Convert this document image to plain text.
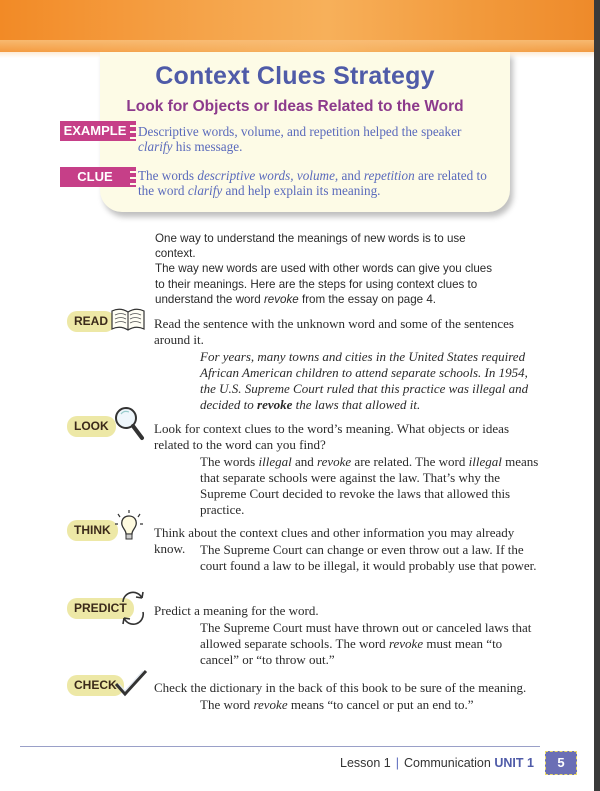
Context Clues Strategy
Look for Objects or Ideas Related to the Word
EXAMPLE Descriptive words, volume, and repetition helped the speaker clarify his message.
CLUE	The words descriptive words, volume, and repetition are related to the word clarify and help explain its meaning.
One way to understand the meanings of new words is to use context.
The way new words are used with other words can give you clues
to their meanings. Here are the steps for using context clues to
understand the word revoke from the essay on page 4.
READ	Read the sentence with the unknown word and some of the sentences around it.
For years, many towns and cities in the United States required African American children to attend separate schools. In 1954, the U.S. Supreme Court ruled that this practice was illegal and decided to revoke the laws that allowed it.
LOOK	Look for context clues to the word’s meaning. What objects or ideas related to the word can you find?
The words illegal and revoke are related. The word illegal means that separate schools were against the law. That’s why the Supreme Court decided to revoke the laws that allowed this practice.
THINK	Think about the context clues and other information you may already know.	The Supreme Court can change or even throw out a law. If the court found a law to be illegal, it would probably use that power.
PREDICT	Predict a meaning for the word.
The Supreme Court must have thrown out or canceled laws that allowed separate schools. The word revoke must mean “to cancel” or “to throw out.”
CHECK	Check the dictionary in the back of this book to be sure of the meaning.
The word revoke means “to cancel or put an end to.”
Lesson 1 | Communication UNIT 1	5
